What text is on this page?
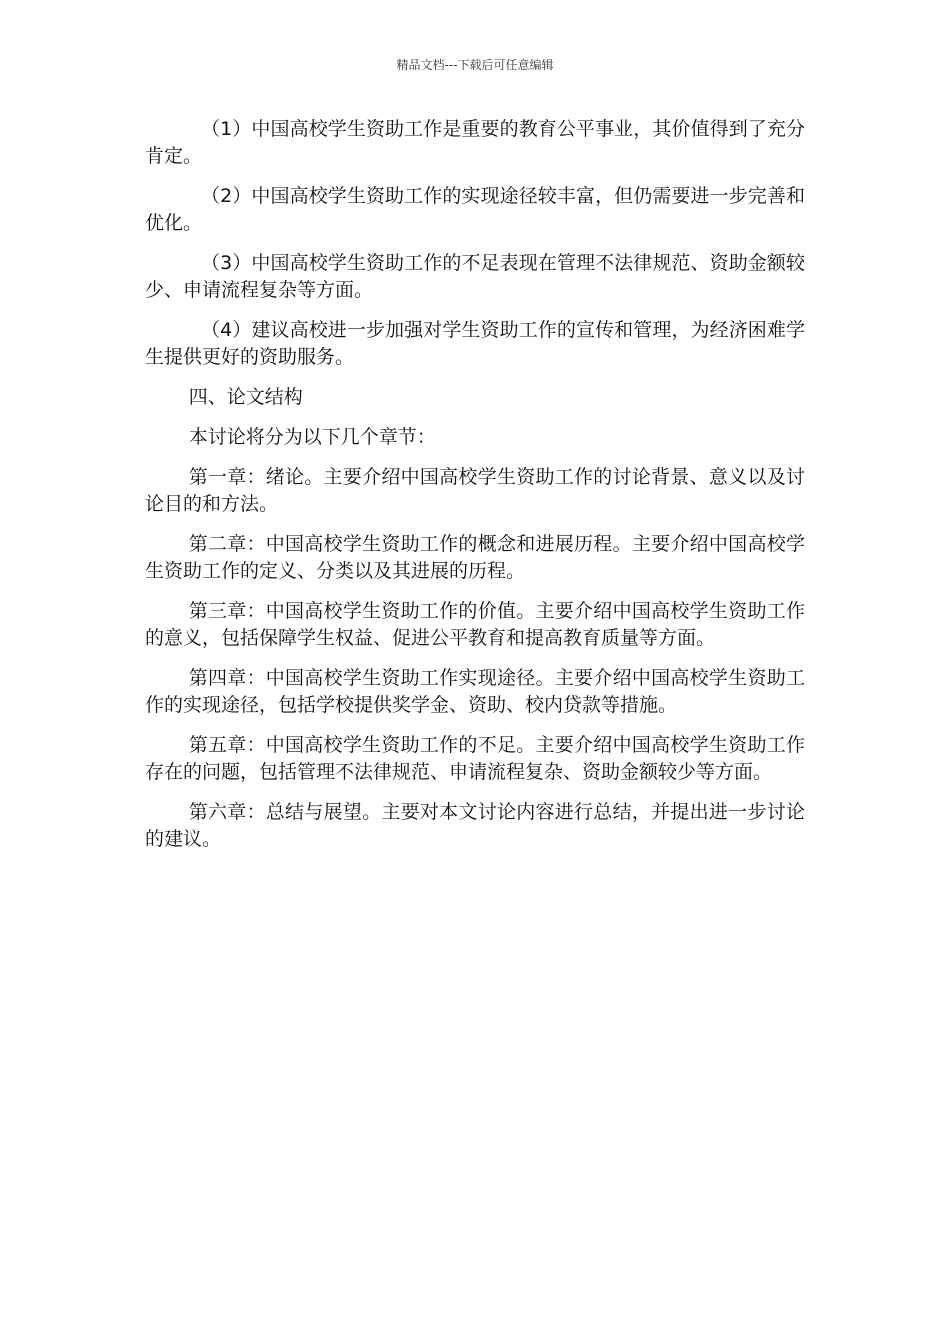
精品文档---下载后可任意编辑

（1）中国高校学生资助工作是重要的教育公平事业，其价值得到了充分肯定。

（2）中国高校学生资助工作的实现途径较丰富，但仍需要进一步完善和优化。

（3）中国高校学生资助工作的不足表现在管理不法律规范、资助金额较少、申请流程复杂等方面。

（4）建议高校进一步加强对学生资助工作的宣传和管理，为经济困难学生提供更好的资助服务。

四、论文结构

本讨论将分为以下几个章节：

第一章：绪论。主要介绍中国高校学生资助工作的讨论背景、意义以及讨论目的和方法。

第二章：中国高校学生资助工作的概念和进展历程。主要介绍中国高校学生资助工作的定义、分类以及其进展的历程。

第三章：中国高校学生资助工作的价值。主要介绍中国高校学生资助工作的意义，包括保障学生权益、促进公平教育和提高教育质量等方面。

第四章：中国高校学生资助工作实现途径。主要介绍中国高校学生资助工作的实现途径，包括学校提供奖学金、资助、校内贷款等措施。

第五章：中国高校学生资助工作的不足。主要介绍中国高校学生资助工作存在的问题，包括管理不法律规范、申请流程复杂、资助金额较少等方面。

第六章：总结与展望。主要对本文讨论内容进行总结，并提出进一步讨论的建议。
